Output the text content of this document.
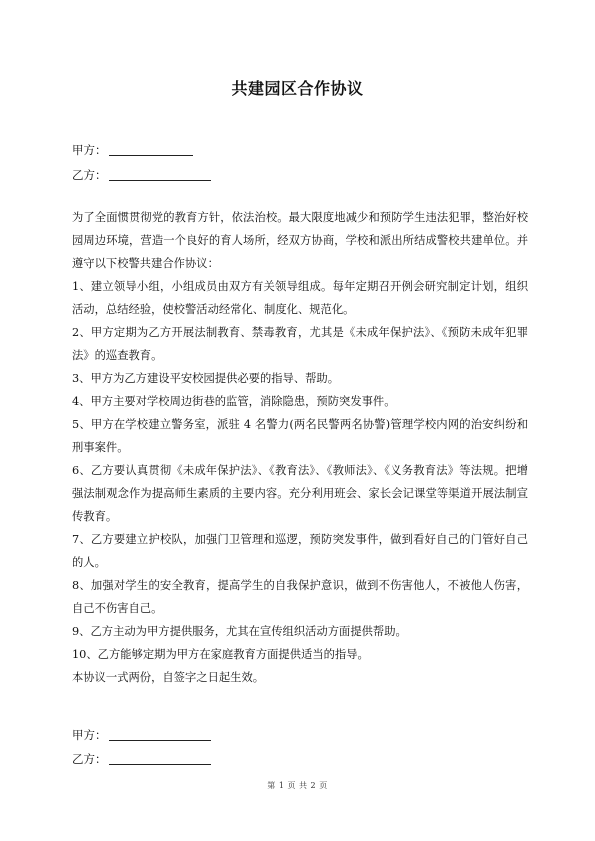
共建园区合作协议
甲方：
乙方：

为了全面惯贯彻党的教育方针，依法治校。最大限度地减少和预防学生违法犯罪，整治好校园周边环境，营造一个良好的育人场所，经双方协商，学校和派出所结成警校共建单位。并遵守以下校警共建合作协议：

1、建立领导小组，小组成员由双方有关领导组成。每年定期召开例会研究制定计划，组织活动，总结经验，使校警活动经常化、制度化、规范化。

2、甲方定期为乙方开展法制教育、禁毒教育，尤其是《未成年保护法》、《预防未成年犯罪法》的巡查教育。

3、甲方为乙方建设平安校园提供必要的指导、帮助。

4、甲方主要对学校周边街巷的监管，消除隐患，预防突发事件。

5、甲方在学校建立警务室，派驻 4 名警力(两名民警两名协警)管理学校内网的治安纠纷和刑事案件。

6、乙方要认真贯彻《未成年保护法》、《教育法》、《教师法》、《义务教育法》等法规。把增强法制观念作为提高师生素质的主要内容。充分利用班会、家长会记课堂等渠道开展法制宣传教育。

7、乙方要建立护校队，加强门卫管理和巡逻，预防突发事件，做到看好自己的门管好自己的人。

8、加强对学生的安全教育，提高学生的自我保护意识，做到不伤害他人，不被他人伤害，自己不伤害自己。

9、乙方主动为甲方提供服务，尤其在宣传组织活动方面提供帮助。

10、乙方能够定期为甲方在家庭教育方面提供适当的指导。

本协议一式两份，自签字之日起生效。

甲方：
乙方：
第 1 页 共 2 页
